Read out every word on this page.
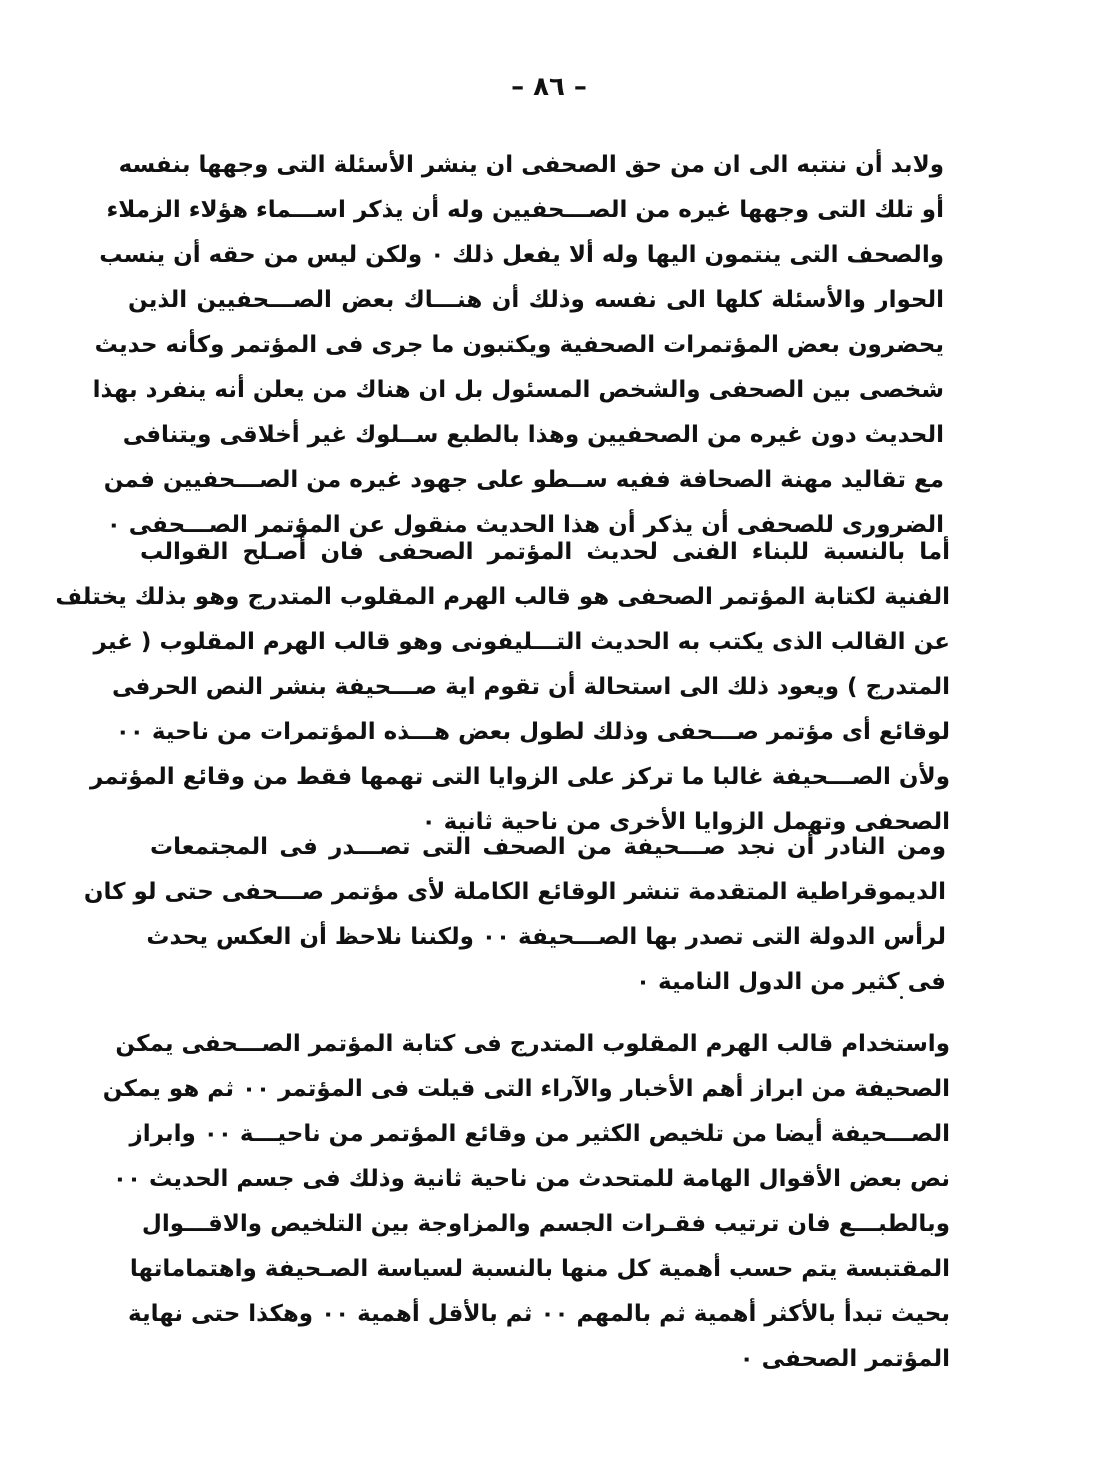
– ٨٦ –
ولابد أن ننتبه الى ان من حق الصحفى ان ينشر الأسئلة التى وجهها بنفسه
أو تلك التى وجهها غيره من الصـــحفيين وله أن يذكر اســـماء هؤلاء الزملاء
والصحف التى ينتمون اليها وله ألا يفعل ذلك ٠ ولكن ليس من حقه أن ينسب
الحوار والأسئلة كلها الى نفسه وذلك أن هنـــاك بعض الصـــحفيين الذين
يحضرون بعض المؤتمرات الصحفية ويكتبون ما جرى فى المؤتمر وكأنه حديث
شخصى بين الصحفى والشخص المسئول بل ان هناك من يعلن أنه ينفرد بهذا
الحديث دون غيره من الصحفيين وهذا بالطبع ســلوك غير أخلاقى ويتنافى
مع تقاليد مهنة الصحافة ففيه ســطو على جهود غيره من الصـــحفيين فمن
الضرورى للصحفى أن يذكر أن هذا الحديث منقول عن المؤتمر الصـــحفى ٠
أما بالنسبة للبناء الفنى لحديث المؤتمر الصحفى فان أصـلح القوالب
الفنية لكتابة المؤتمر الصحفى هو قالب الهرم المقلوب المتدرج وهو بذلك يختلف
عن القالب الذى يكتب به الحديث التـــليفونى وهو قالب الهرم المقلوب ( غير
المتدرج ) ويعود ذلك الى استحالة أن تقوم اية صـــحيفة بنشر النص الحرفى
لوقائع أى مؤتمر صـــحفى وذلك لطول بعض هـــذه المؤتمرات من ناحية ٠٠
ولأن الصـــحيفة غالبا ما تركز على الزوايا التى تهمها فقط من وقائع المؤتمر
الصحفى وتهمل الزوايا الأخرى من ناحية ثانية ٠
ومن النادر أن نجد صـــحيفة من الصحف التى تصـــدر فى المجتمعات
الديموقراطية المتقدمة تنشر الوقائع الكاملة لأى مؤتمر صـــحفى حتى لو كان
لرأس الدولة التى تصدر بها الصـــحيفة ٠٠ ولكننا نلاحظ أن العكس يحدث
فى كثير من الدول النامية ٠
واستخدام قالب الهرم المقلوب المتدرج فى كتابة المؤتمر الصـــحفى يمكن
الصحيفة من ابراز أهم الأخبار والآراء التى قيلت فى المؤتمر ٠٠ ثم هو يمكن
الصـــحيفة أيضا من تلخيص الكثير من وقائع المؤتمر من ناحيـــة ٠٠ وابراز
نص بعض الأقوال الهامة للمتحدث من ناحية ثانية وذلك فى جسم الحديث ٠٠
وبالطبـــع فان ترتيب فقـرات الجسم والمزاوجة بين التلخيص والاقـــوال
المقتبسة يتم حسب أهمية كل منها بالنسبة لسياسة الصـحيفة واهتماماتها
بحيث تبدأ بالأكثر أهمية ثم بالمهم ٠٠ ثم بالأقل أهمية ٠٠ وهكذا حتى نهاية
المؤتمر الصحفى ٠
